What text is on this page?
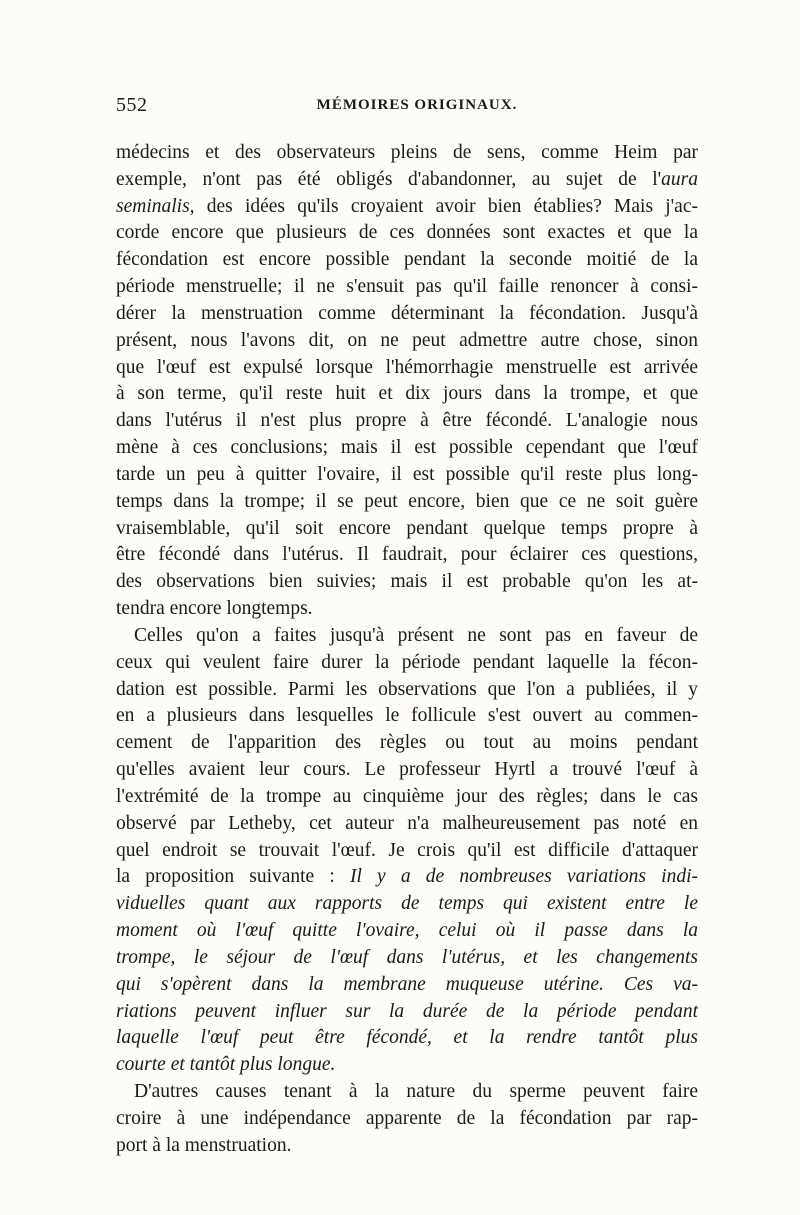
552	MÉMOIRES ORIGINAUX.
médecins et des observateurs pleins de sens, comme Heim par
exemple, n'ont pas été obligés d'abandonner, au sujet de l'aura
seminalis, des idées qu'ils croyaient avoir bien établies? Mais j'ac-
corde encore que plusieurs de ces données sont exactes et que la
fécondation est encore possible pendant la seconde moitié de la
période menstruelle; il ne s'ensuit pas qu'il faille renoncer à consi-
dérer la menstruation comme déterminant la fécondation. Jusqu'à
présent, nous l'avons dit, on ne peut admettre autre chose, sinon
que l'œuf est expulsé lorsque l'hémorrhagie menstruelle est arrivée
à son terme, qu'il reste huit et dix jours dans la trompe, et que
dans l'utérus il n'est plus propre à être fécondé. L'analogie nous
mène à ces conclusions; mais il est possible cependant que l'œuf
tarde un peu à quitter l'ovaire, il est possible qu'il reste plus long-
temps dans la trompe; il se peut encore, bien que ce ne soit guère
vraisemblable, qu'il soit encore pendant quelque temps propre à
être fécondé dans l'utérus. Il faudrait, pour éclairer ces questions,
des observations bien suivies; mais il est probable qu'on les at-
tendra encore longtemps.
Celles qu'on a faites jusqu'à présent ne sont pas en faveur de
ceux qui veulent faire durer la période pendant laquelle la fécon-
dation est possible. Parmi les observations que l'on a publiées, il y
en a plusieurs dans lesquelles le follicule s'est ouvert au commen-
cement de l'apparition des règles ou tout au moins pendant
qu'elles avaient leur cours. Le professeur Hyrtl a trouvé l'œuf à
l'extrémité de la trompe au cinquième jour des règles; dans le cas
observé par Letheby, cet auteur n'a malheureusement pas noté en
quel endroit se trouvait l'œuf. Je crois qu'il est difficile d'attaquer
la proposition suivante : Il y a de nombreuses variations indi-
viduelles quant aux rapports de temps qui existent entre le
moment où l'œuf quitte l'ovaire, celui où il passe dans la
trompe, le séjour de l'œuf dans l'utérus, et les changements
qui s'opèrent dans la membrane muqueuse utérine. Ces va-
riations peuvent influer sur la durée de la période pendant
laquelle l'œuf peut être fécondé, et la rendre tantôt plus
courte et tantôt plus longue.
D'autres causes tenant à la nature du sperme peuvent faire
croire à une indépendance apparente de la fécondation par rap-
port à la menstruation.
